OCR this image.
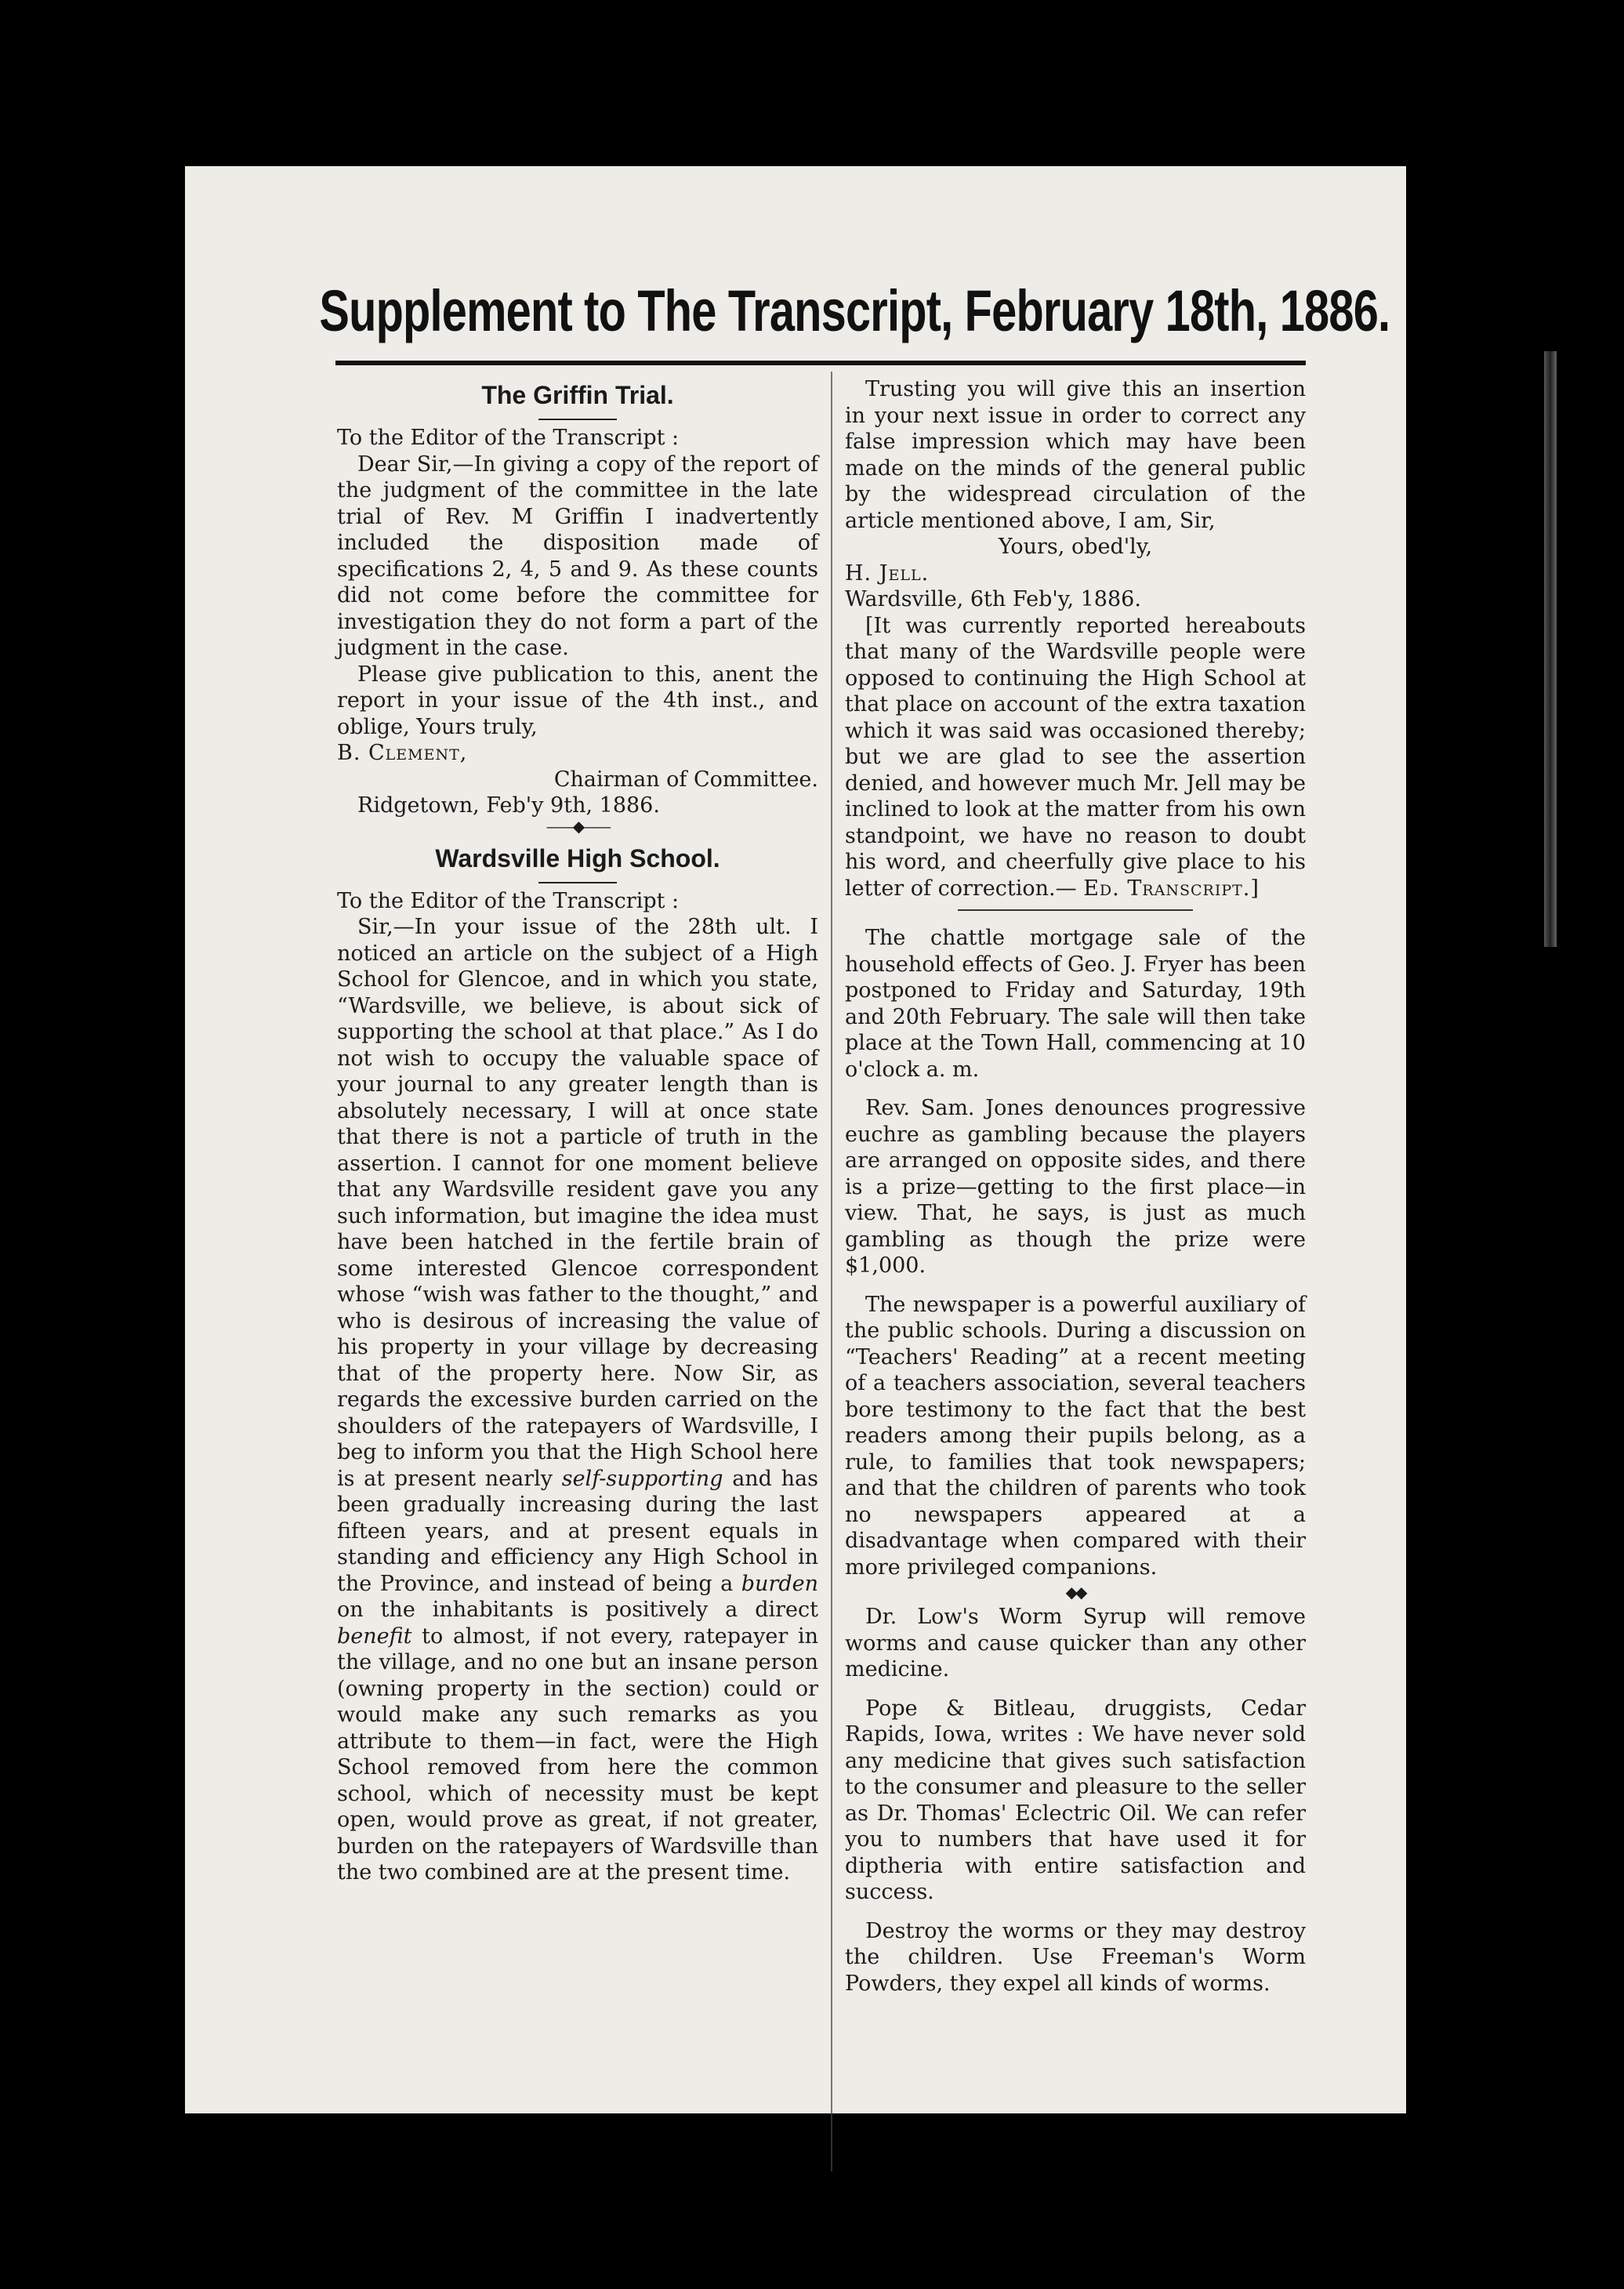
Supplement to The Transcript, February 18th, 1886.
The Griffin Trial.

To the Editor of the Transcript :

Dear Sir,—In giving a copy of the report of the judgment of the committee in the late trial of Rev. M Griffin I inadvertently included the disposition made of specifications 2, 4, 5 and 9. As these counts did not come before the committee for investigation they do not form a part of the judgment in the case.

Please give publication to this, anent the report in your issue of the 4th inst., and oblige, Yours truly,

B. Clement,

Chairman of Committee.

Ridgetown, Feb'y 9th, 1886.

——◆——
Wardsville High School.

To the Editor of the Transcript :

Sir,—In your issue of the 28th ult. I noticed an article on the subject of a High School for Glencoe, and in which you state, “Wardsville, we believe, is about sick of supporting the school at that place.” As I do not wish to occupy the valuable space of your journal to any greater length than is absolutely necessary, I will at once state that there is not a particle of truth in the assertion. I cannot for one moment believe that any Wardsville resident gave you any such information, but imagine the idea must have been hatched in the fertile brain of some interested Glencoe correspondent whose “wish was father to the thought,” and who is desirous of increasing the value of his property in your village by decreasing that of the property here. Now Sir, as regards the excessive burden carried on the shoulders of the ratepayers of Wardsville, I beg to inform you that the High School here is at present nearly self-supporting and has been gradually increasing during the last fifteen years, and at present equals in standing and efficiency any High School in the Province, and instead of being a burden on the inhabitants is positively a direct benefit to almost, if not every, ratepayer in the village, and no one but an insane person (owning property in the section) could or would make any such remarks as you attribute to them—in fact, were the High School removed from here the common school, which of necessity must be kept open, would prove as great, if not greater, burden on the ratepayers of Wardsville than the two combined are at the present time.

Trusting you will give this an insertion in your next issue in order to correct any false impression which may have been made on the minds of the general public by the widespread circulation of the article mentioned above, I am, Sir,

Yours, obed'ly,

H. Jell.

Wardsville, 6th Feb'y, 1886.

[It was currently reported hereabouts that many of the Wardsville people were opposed to continuing the High School at that place on account of the extra taxation which it was said was occasioned thereby; but we are glad to see the assertion denied, and however much Mr. Jell may be inclined to look at the matter from his own standpoint, we have no reason to doubt his word, and cheerfully give place to his letter of correction.— Ed. Transcript.]

The chattle mortgage sale of the household effects of Geo. J. Fryer has been postponed to Friday and Saturday, 19th and 20th February. The sale will then take place at the Town Hall, commencing at 10 o'clock a. m.

Rev. Sam. Jones denounces progressive euchre as gambling because the players are arranged on opposite sides, and there is a prize—getting to the first place—in view. That, he says, is just as much gambling as though the prize were $1,000.

The newspaper is a powerful auxiliary of the public schools. During a discussion on “Teachers' Reading” at a recent meeting of a teachers association, several teachers bore testimony to the fact that the best readers among their pupils belong, as a rule, to families that took newspapers; and that the children of parents who took no newspapers appeared at a disadvantage when compared with their more privileged companions.

◆◆

Dr. Low's Worm Syrup will remove worms and cause quicker than any other medicine.

Pope & Bitleau, druggists, Cedar Rapids, Iowa, writes : We have never sold any medicine that gives such satisfaction to the consumer and pleasure to the seller as Dr. Thomas' Eclectric Oil. We can refer you to numbers that have used it for diptheria with entire satisfaction and success.

Destroy the worms or they may destroy the children. Use Freeman's Worm Powders, they expel all kinds of worms.
